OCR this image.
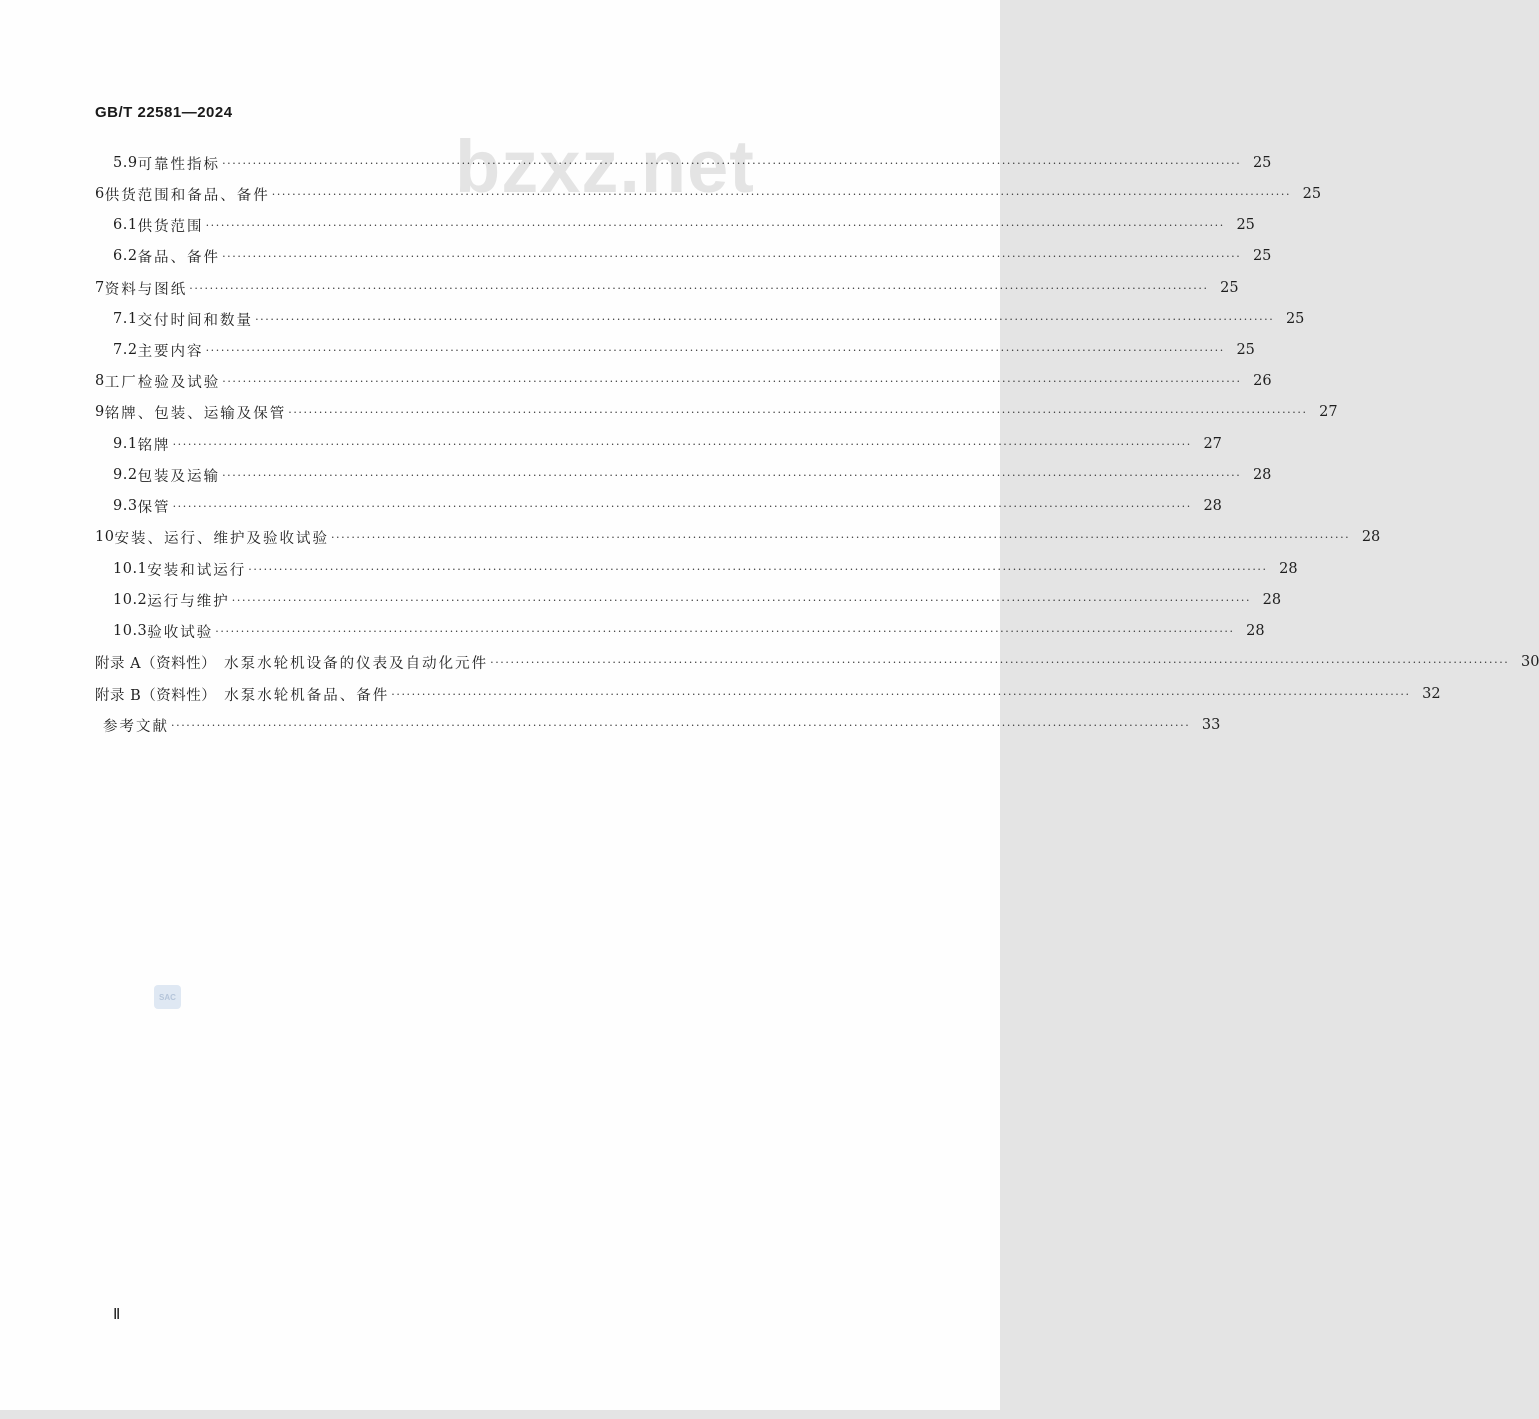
GB/T 22581—2024
bzxz.net
5.9 可靠性指标 ········································································································································································································ 25
6 供货范围和备品、备件 ········································································································································································································ 25
6.1 供货范围 ········································································································································································································ 25
6.2 备品、备件 ········································································································································································································ 25
7 资料与图纸 ········································································································································································································ 25
7.1 交付时间和数量 ········································································································································································································ 25
7.2 主要内容 ········································································································································································································ 25
8 工厂检验及试验 ········································································································································································································ 26
9 铭牌、包装、运输及保管 ········································································································································································································ 27
9.1 铭牌 ········································································································································································································ 27
9.2 包装及运输 ········································································································································································································ 28
9.3 保管 ········································································································································································································ 28
10 安装、运行、维护及验收试验 ········································································································································································································ 28
10.1 安装和试运行 ········································································································································································································ 28
10.2 运行与维护 ········································································································································································································ 28
10.3 验收试验 ········································································································································································································ 28
附录 A（资料性） 水泵水轮机设备的仪表及自动化元件 ········································································································································································································ 30
附录 B（资料性） 水泵水轮机备品、备件 ········································································································································································································ 32
参考文献 ········································································································································································································ 33
SAC
Ⅱ
